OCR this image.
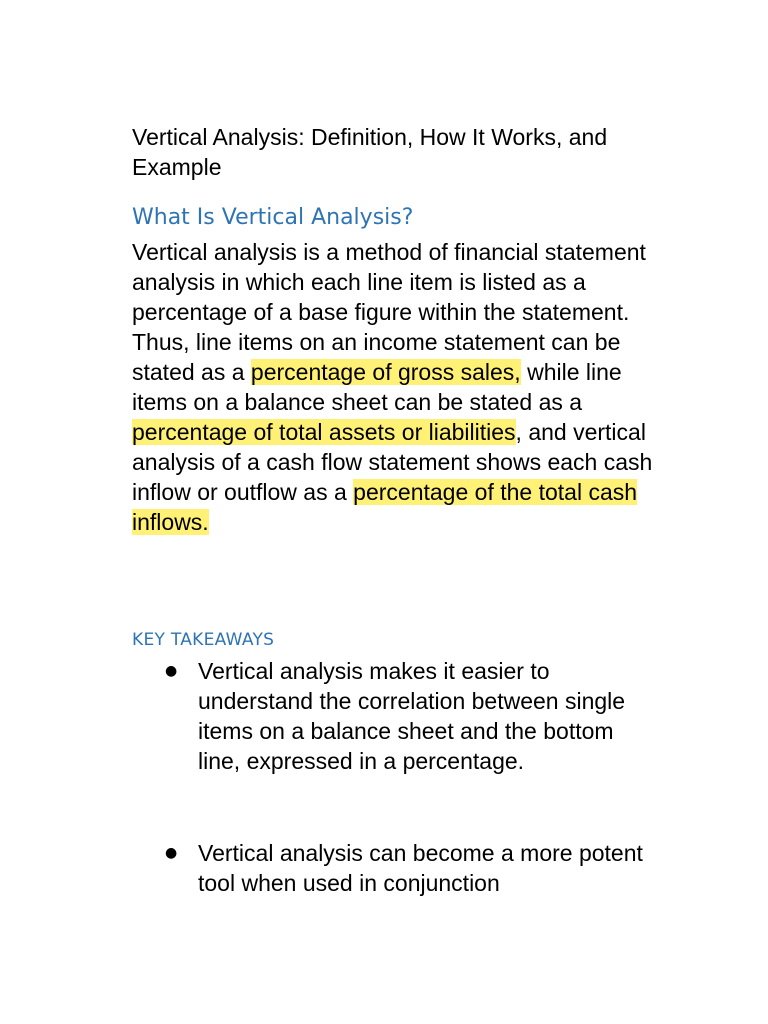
Vertical Analysis: Definition, How It Works, and Example
What Is Vertical Analysis?

Vertical analysis is a method of financial statement analysis in which each line item is listed as a percentage of a base figure within the statement. Thus, line items on an income statement can be stated as a percentage of gross sales, while line items on a balance sheet can be stated as a percentage of total assets or liabilities, and vertical analysis of a cash flow statement shows each cash inflow or outflow as a percentage of the total cash inflows.

KEY TAKEAWAYS
● Vertical analysis makes it easier to understand the correlation between single items on a balance sheet and the bottom line, expressed in a percentage.
● Vertical analysis can become a more potent tool when used in conjunction
